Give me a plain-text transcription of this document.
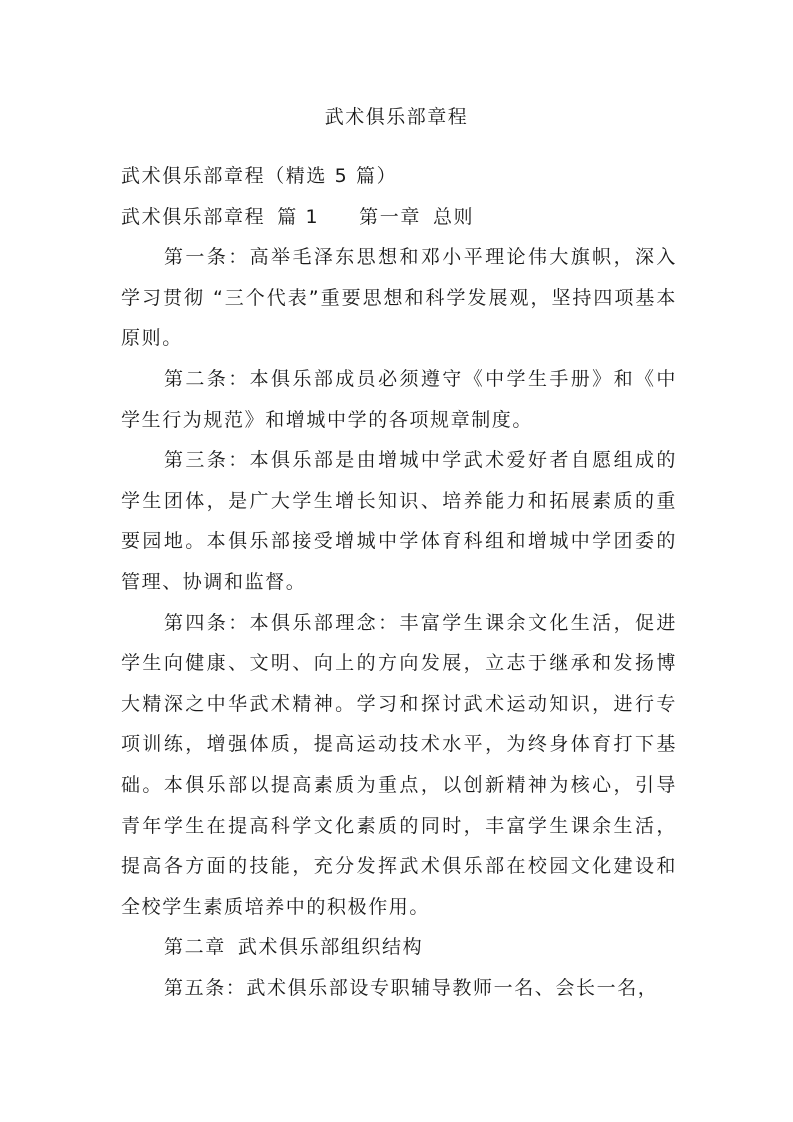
武术俱乐部章程

武术俱乐部章程（精选 5 篇）

武术俱乐部章程 篇 1 第一章 总则

第一条：高举毛泽东思想和邓小平理论伟大旗帜，深入学习贯彻 “三个代表”重要思想和科学发展观，坚持四项基本原则。

第二条：本俱乐部成员必须遵守《中学生手册》和《中学生行为规范》和增城中学的各项规章制度。

第三条：本俱乐部是由增城中学武术爱好者自愿组成的学生团体，是广大学生增长知识、培养能力和拓展素质的重要园地。本俱乐部接受增城中学体育科组和增城中学团委的管理、协调和监督。

第四条：本俱乐部理念：丰富学生课余文化生活，促进学生向健康、文明、向上的方向发展，立志于继承和发扬博大精深之中华武术精神。学习和探讨武术运动知识，进行专项训练，增强体质，提高运动技术水平，为终身体育打下基础。本俱乐部以提高素质为重点，以创新精神为核心，引导青年学生在提高科学文化素质的同时，丰富学生课余生活，提高各方面的技能，充分发挥武术俱乐部在校园文化建设和全校学生素质培养中的积极作用。

第二章 武术俱乐部组织结构

第五条：武术俱乐部设专职辅导教师一名、会长一名，
